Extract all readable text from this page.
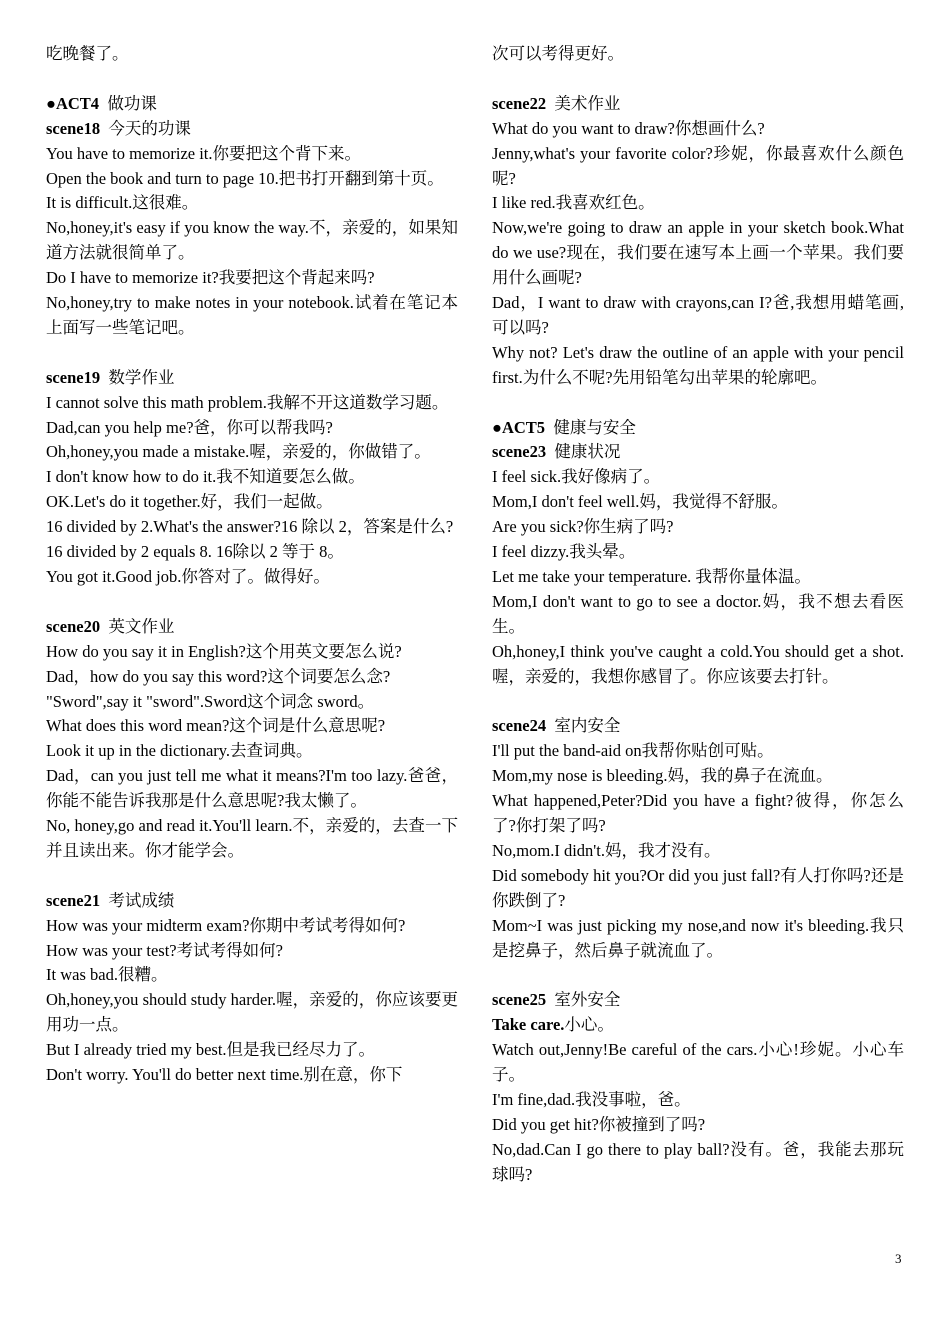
吃晚餐了。

●ACT4 做功课

scene18 今天的功课

You have to memorize it.你要把这个背下来。

Open the book and turn to page 10.把书打开翻到第十页。

It is difficult.这很难。

No,honey,it's easy if you know the way.不，亲爱的，如果知道方法就很简单了。

Do I have to memorize it?我要把这个背起来吗?

No,honey,try to make notes in your notebook.试着在笔记本上面写一些笔记吧。

scene19 数学作业

I cannot solve this math problem.我解不开这道数学习题。

Dad,can you help me?爸，你可以帮我吗?

Oh,honey,you made a mistake.喔，亲爱的，你做错了。

I don't know how to do it.我不知道要怎么做。

OK.Let's do it together.好，我们一起做。

16 divided by 2.What's the answer?16 除以 2，答案是什么?

16 divided by 2 equals 8. 16除以 2 等于 8。

You got it.Good job.你答对了。做得好。

scene20 英文作业

How do you say it in English?这个用英文要怎么说?

Dad，how do you say this word?这个词要怎么念?

"Sword",say it "sword".Sword这个词念 sword。

What does this word mean?这个词是什么意思呢?

Look it up in the dictionary.去查词典。

Dad，can you just tell me what it means?I'm too lazy.爸爸，你能不能告诉我那是什么意思呢?我太懒了。

No, honey,go and read it.You'll learn.不，亲爱的，去查一下并且读出来。你才能学会。

scene21 考试成绩

How was your midterm exam?你期中考试考得如何?

How was your test?考试考得如何?

It was bad.很糟。

Oh,honey,you should study harder.喔，亲爱的，你应该要更用功一点。

But I already tried my best.但是我已经尽力了。

Don't worry. You'll do better next time.别在意，你下

次可以考得更好。

scene22 美术作业

What do you want to draw?你想画什么?

Jenny,what's your favorite color?珍妮，你最喜欢什么颜色呢?

I like red.我喜欢红色。

Now,we're going to draw an apple in your sketch book.What do we use?现在，我们要在速写本上画一个苹果。我们要用什么画呢?

Dad，I want to draw with crayons,can I?爸,我想用蜡笔画,可以吗?

Why not? Let's draw the outline of an apple with your pencil first.为什么不呢?先用铅笔勾出苹果的轮廓吧。

●ACT5 健康与安全

scene23 健康状况

I feel sick.我好像病了。

Mom,I don't feel well.妈，我觉得不舒服。

Are you sick?你生病了吗?

I feel dizzy.我头晕。

Let me take your temperature. 我帮你量体温。

Mom,I don't want to go to see a doctor.妈，我不想去看医生。

Oh,honey,I think you've caught a cold.You should get a shot.喔，亲爱的，我想你感冒了。你应该要去打针。

scene24 室内安全

I'll put the band-aid on我帮你贴创可贴。

Mom,my nose is bleeding.妈，我的鼻子在流血。

What happened,Peter?Did you have a fight?彼得，你怎么了?你打架了吗?

No,mom.I didn't.妈，我才没有。

Did somebody hit you?Or did you just fall?有人打你吗?还是你跌倒了?

Mom~I was just picking my nose,and now it's bleeding.我只是挖鼻子，然后鼻子就流血了。

scene25 室外安全

Take care.小心。

Watch out,Jenny!Be careful of the cars.小心!珍妮。小心车子。

I'm fine,dad.我没事啦，爸。

Did you get hit?你被撞到了吗?

No,dad.Can I go there to play ball?没有。爸，我能去那玩球吗?

3
